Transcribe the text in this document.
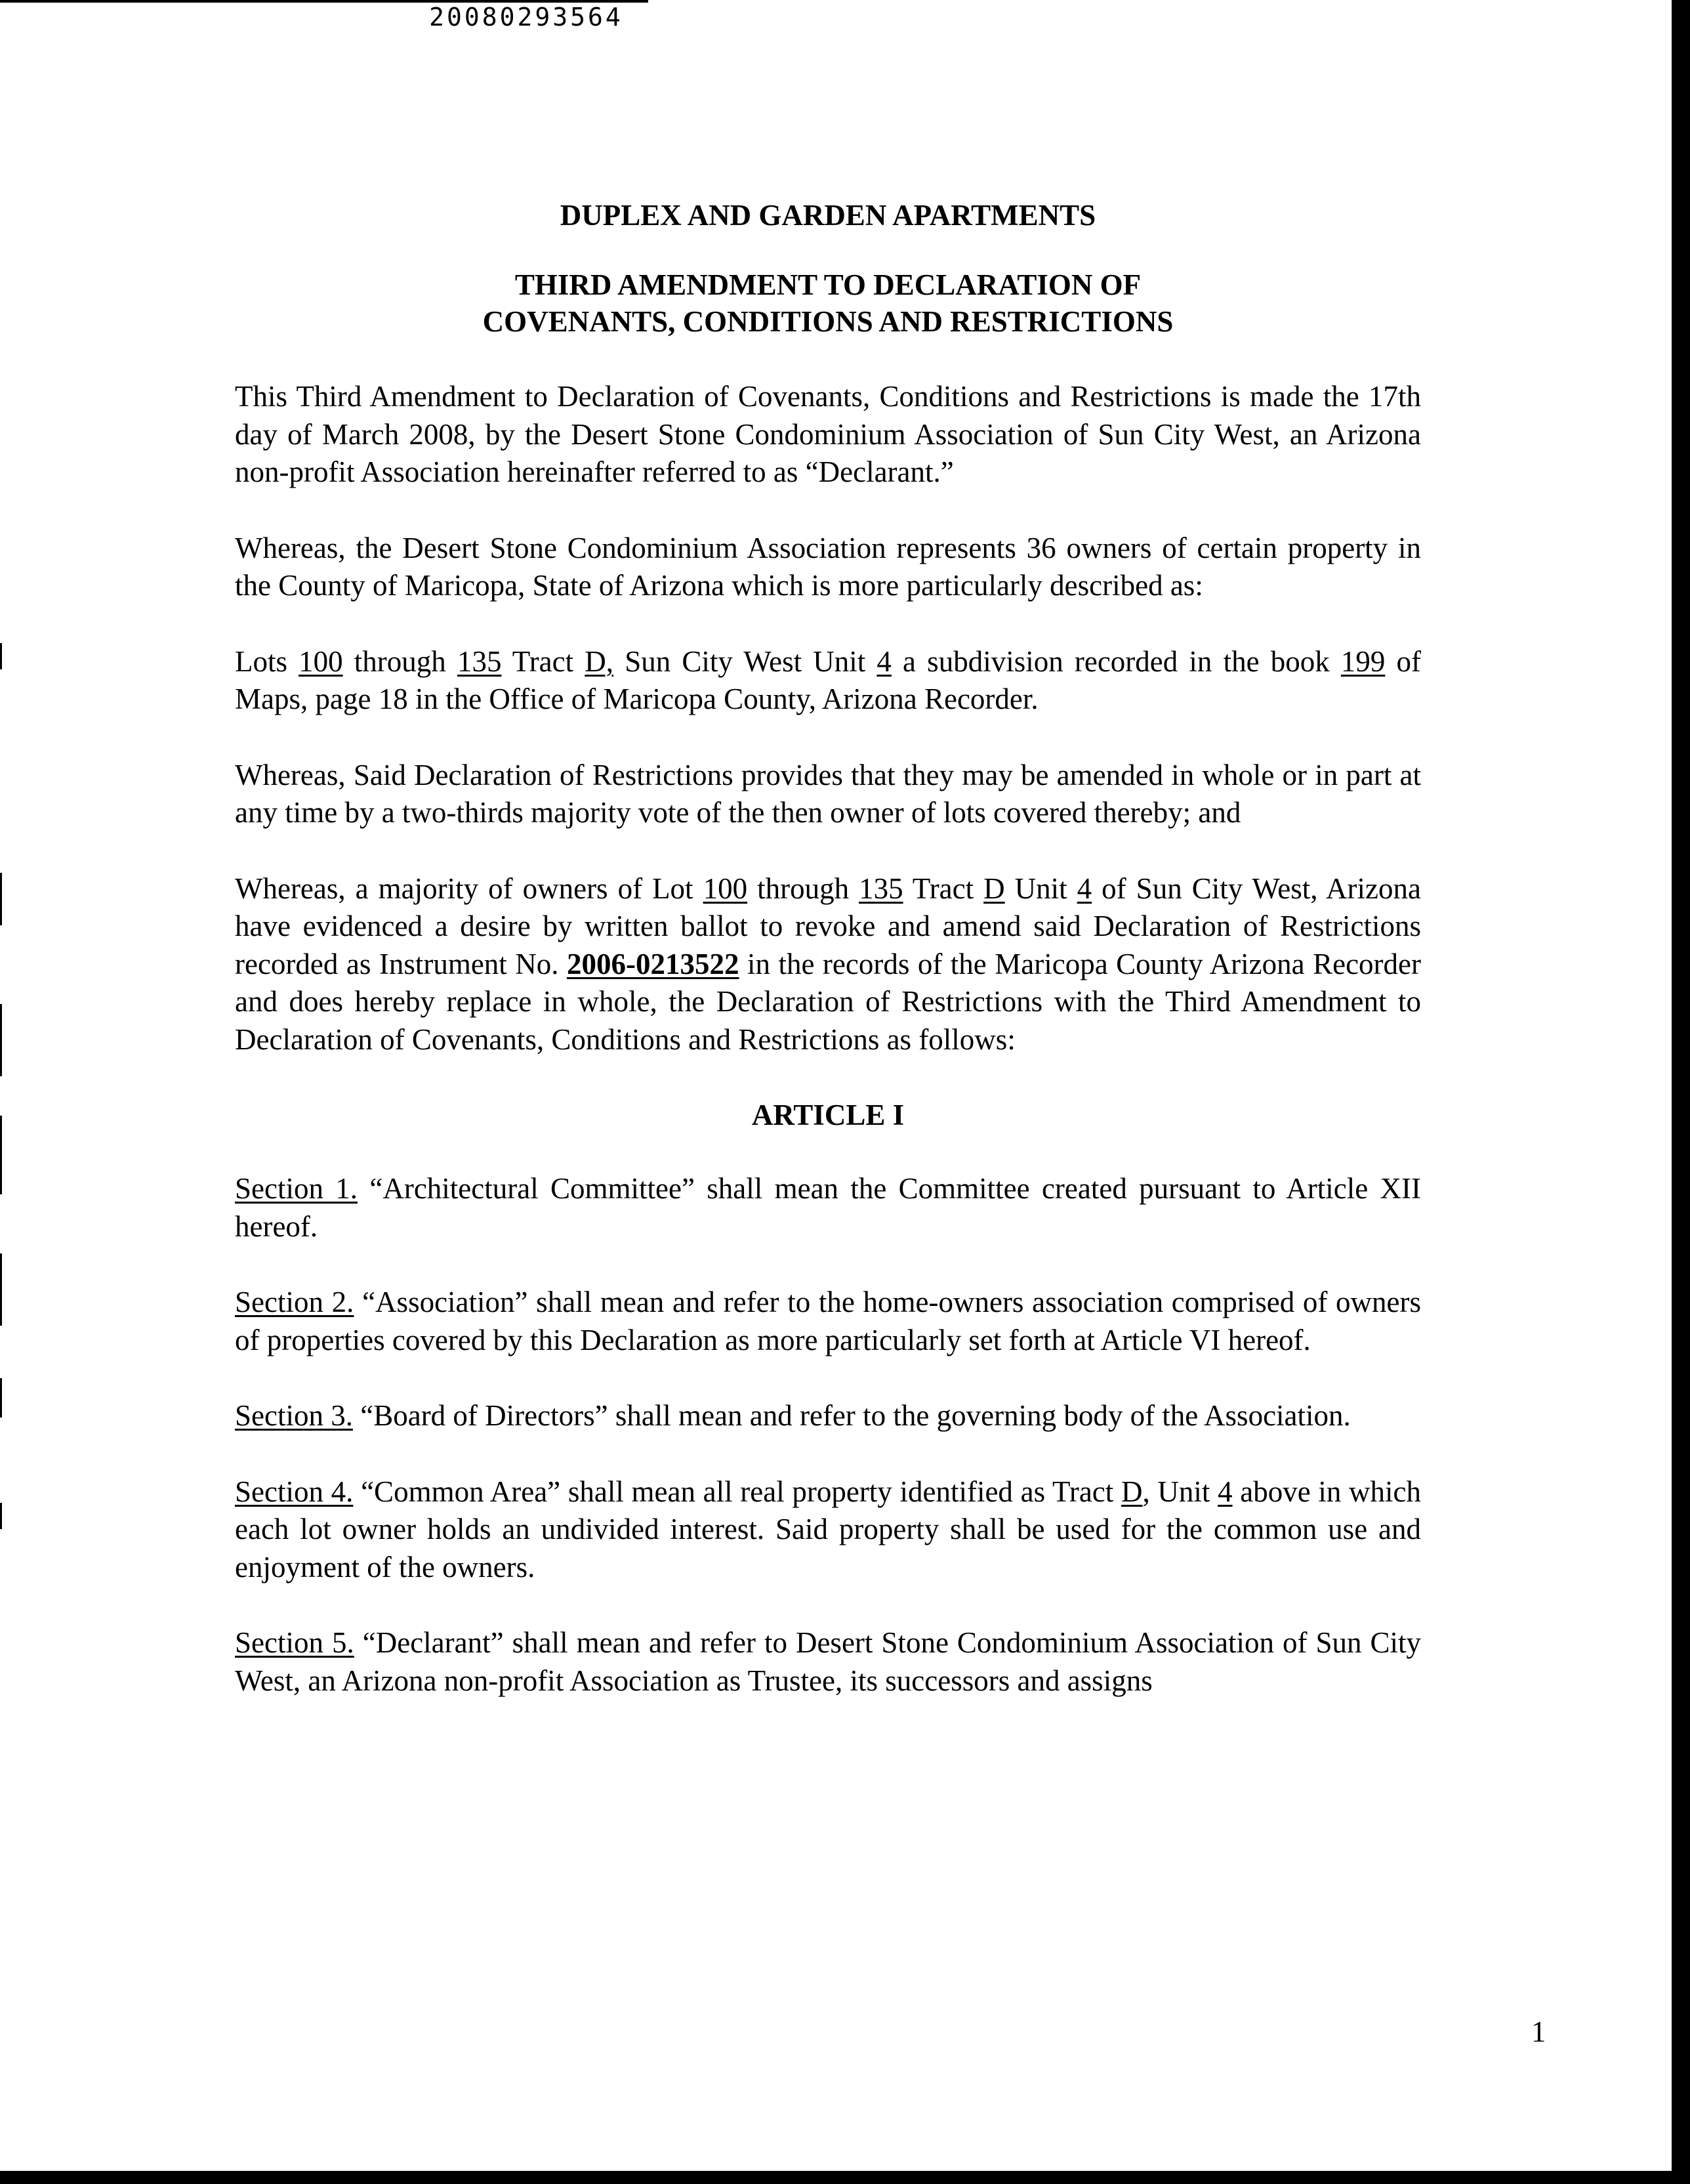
20080293564
DUPLEX AND GARDEN APARTMENTS
THIRD AMENDMENT TO DECLARATION OF
COVENANTS, CONDITIONS AND RESTRICTIONS

This Third Amendment to Declaration of Covenants, Conditions and Restrictions is made the 17th day of March 2008, by the Desert Stone Condominium Association of Sun City West, an Arizona non-profit Association hereinafter referred to as “Declarant.”

Whereas, the Desert Stone Condominium Association represents 36 owners of certain property in the County of Maricopa, State of Arizona which is more particularly described as:

Lots 100 through 135 Tract D, Sun City West Unit 4 a subdivision recorded in the book 199 of Maps, page 18 in the Office of Maricopa County, Arizona Recorder.

Whereas, Said Declaration of Restrictions provides that they may be amended in whole or in part at any time by a two-thirds majority vote of the then owner of lots covered thereby; and

Whereas, a majority of owners of Lot 100 through 135 Tract D Unit 4 of Sun City West, Arizona have evidenced a desire by written ballot to revoke and amend said Declaration of Restrictions recorded as Instrument No. 2006-0213522 in the records of the Maricopa County Arizona Recorder and does hereby replace in whole, the Declaration of Restrictions with the Third Amendment to Declaration of Covenants, Conditions and Restrictions as follows:

ARTICLE I

Section 1. “Architectural Committee” shall mean the Committee created pursuant to Article XII hereof.

Section 2. “Association” shall mean and refer to the home-owners association comprised of owners of properties covered by this Declaration as more particularly set forth at Article VI hereof.

Section 3. “Board of Directors” shall mean and refer to the governing body of the Association.

Section 4. “Common Area” shall mean all real property identified as Tract D, Unit 4 above in which each lot owner holds an undivided interest. Said property shall be used for the common use and enjoyment of the owners.

Section 5. “Declarant” shall mean and refer to Desert Stone Condominium Association of Sun City West, an Arizona non-profit Association as Trustee, its successors and assigns

1
